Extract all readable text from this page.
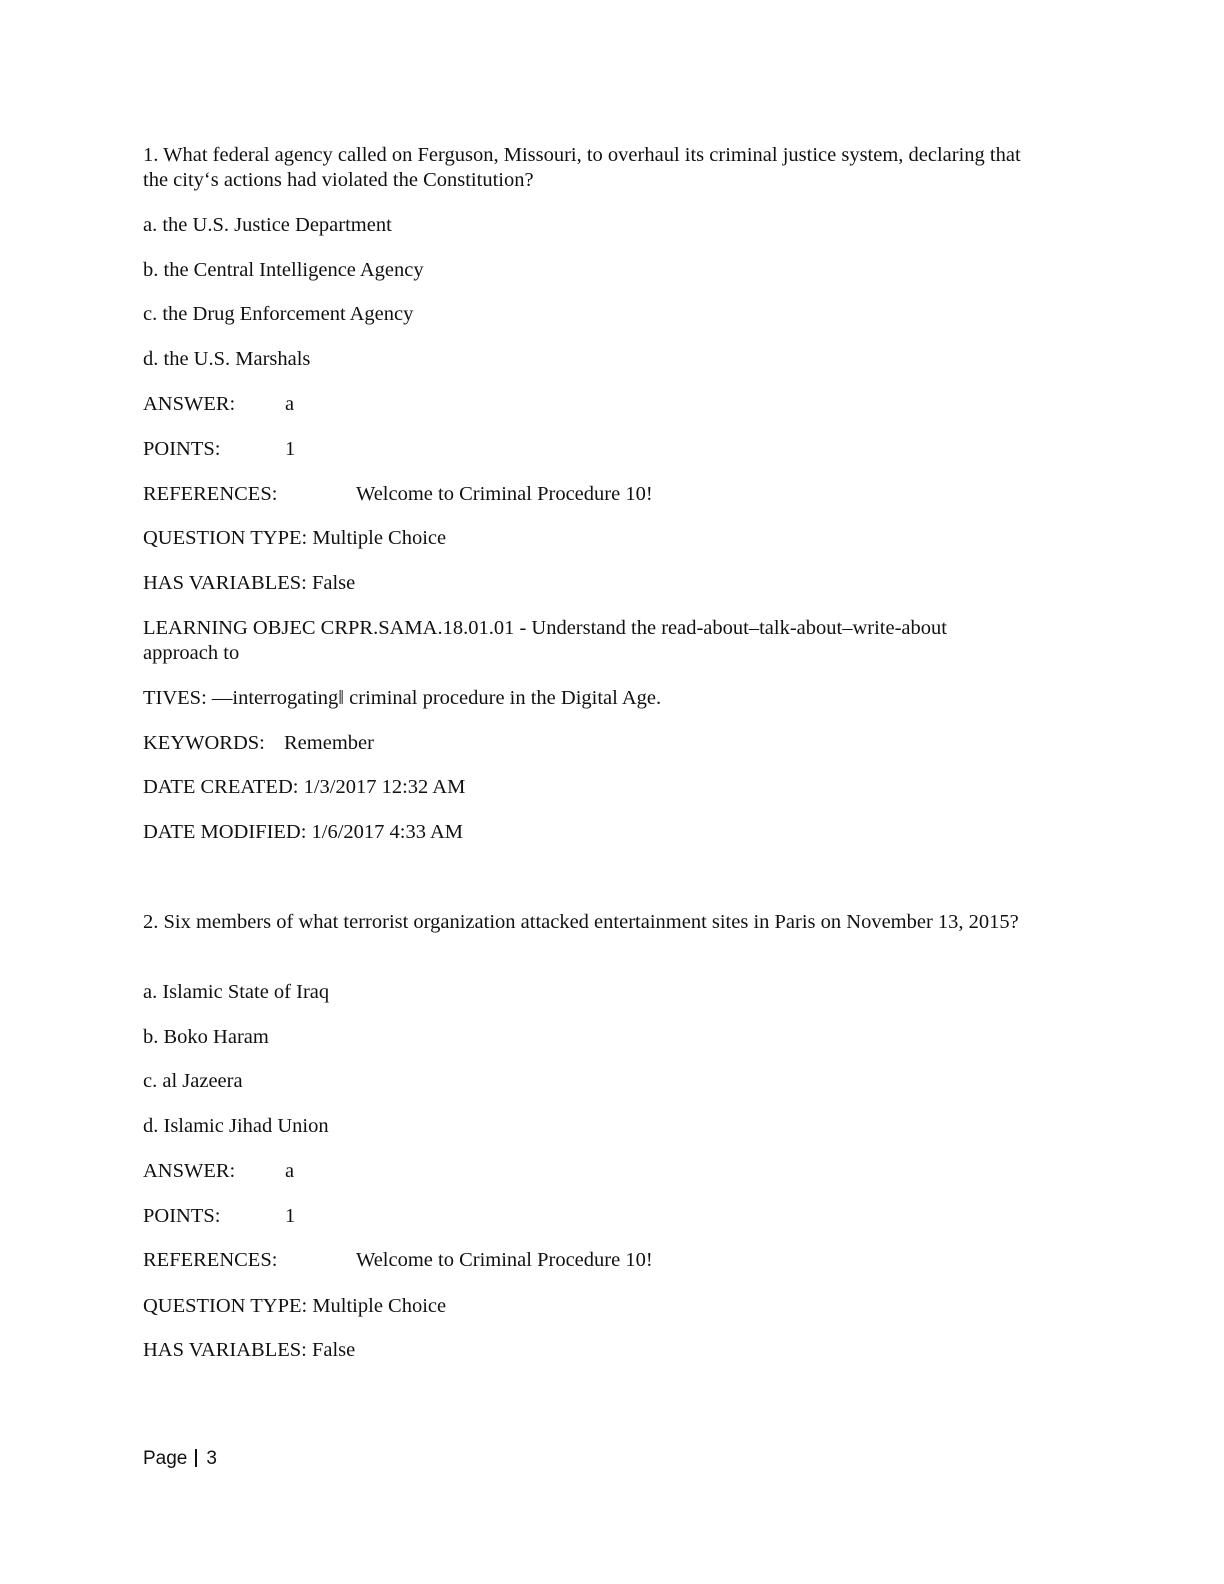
1. What federal agency called on Ferguson, Missouri, to overhaul its criminal justice system, declaring that the city‘s actions had violated the Constitution?
a. the U.S. Justice Department
b. the Central Intelligence Agency
c. the Drug Enforcement Agency
d. the U.S. Marshals
ANSWER: a
POINTS:	1
REFERENCES:	Welcome to Criminal Procedure 10!
QUESTION TYPE: Multiple Choice
HAS VARIABLES: False
LEARNING OBJEC CRPR.SAMA.18.01.01 - Understand the read-about–talk-about–write-about
approach to
TIVES: ―interrogating‖ criminal procedure in the Digital Age.
KEYWORDS: Remember
DATE CREATED: 1/3/2017 12:32 AM
DATE MODIFIED: 1/6/2017 4:33 AM
2. Six members of what terrorist organization attacked entertainment sites in Paris on November 13, 2015?
a. Islamic State of Iraq
b. Boko Haram
c. al Jazeera
d. Islamic Jihad Union
ANSWER: a
POINTS:	1
REFERENCES:	Welcome to Criminal Procedure 10!
QUESTION TYPE: Multiple Choice
HAS VARIABLES: False
Page 3
